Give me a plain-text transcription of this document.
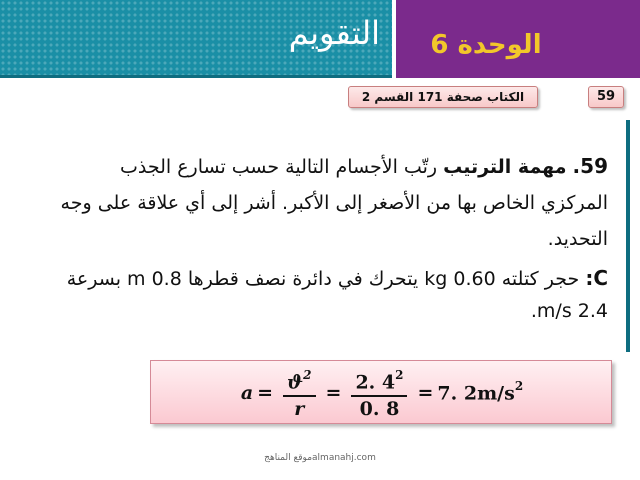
التقويم	الوحدة 6
الكتاب صحفة 171 القسم 2	59
59. مهمة الترتيب رتّب الأجسام التالية حسب تسارع الجذب المركزي الخاص بها من الأصغر إلى الأكبر. أشر إلى أي علاقة على وجه التحديد.
C: حجر كتلته 0.60 kg يتحرك في دائرة نصف قطرها 0.8 m بسرعة 2.4 m/s.
$a = \frac{ϑ^2}{r} = \frac{2. 4^2}{0. 8} = 7$. $2m/s^2$
موقع المناهجalmanahj.com
